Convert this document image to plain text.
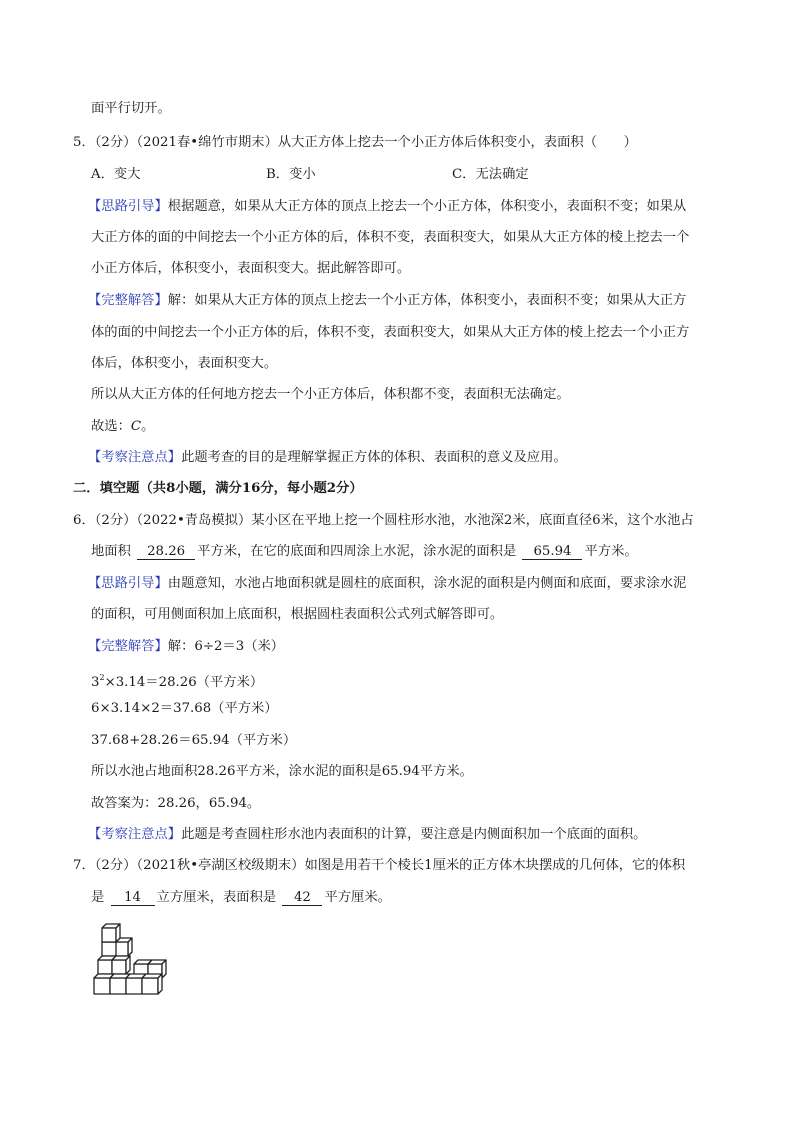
面平行切开。
5．（2分）（2021春•绵竹市期末）从大正方体上挖去一个小正方体后体积变小，表面积（　　）
A．变大	B．变小	C．无法确定
【思路引导】根据题意，如果从大正方体的顶点上挖去一个小正方体，体积变小，表面积不变；如果从
大正方体的面的中间挖去一个小正方体的后，体积不变，表面积变大，如果从大正方体的棱上挖去一个
小正方体后，体积变小，表面积变大。据此解答即可。
【完整解答】解：如果从大正方体的顶点上挖去一个小正方体，体积变小，表面积不变；如果从大正方
体的面的中间挖去一个小正方体的后，体积不变，表面积变大，如果从大正方体的棱上挖去一个小正方
体后，体积变小，表面积变大。
所以从大正方体的任何地方挖去一个小正方体后，体积都不变，表面积无法确定。
故选：C。
【考察注意点】此题考查的目的是理解掌握正方体的体积、表面积的意义及应用。
二．填空题（共8小题，满分16分，每小题2分）
6．（2分）（2022•青岛模拟）某小区在平地上挖一个圆柱形水池，水池深2米，底面直径6米，这个水池占
地面积 28.26 平方米，在它的底面和四周涂上水泥，涂水泥的面积是 65.94 平方米。
【思路引导】由题意知，水池占地面积就是圆柱的底面积，涂水泥的面积是内侧面和底面，要求涂水泥
的面积，可用侧面积加上底面积，根据圆柱表面积公式列式解答即可。
【完整解答】解：6÷2＝3（米）
$3^2\times 3.14=28.26$（平方米）
6×3.14×2＝37.68（平方米）
37.68+28.26＝65.94（平方米）
所以水池占地面积28.26平方米，涂水泥的面积是65.94平方米。
故答案为：28.26，65.94。
【考察注意点】此题是考查圆柱形水池内表面积的计算，要注意是内侧面积加一个底面的面积。
7．（2分）（2021秋•亭湖区校级期末）如图是用若干个棱长1厘米的正方体木块摆成的几何体，它的体积
是 14 立方厘米，表面积是 42 平方厘米。
